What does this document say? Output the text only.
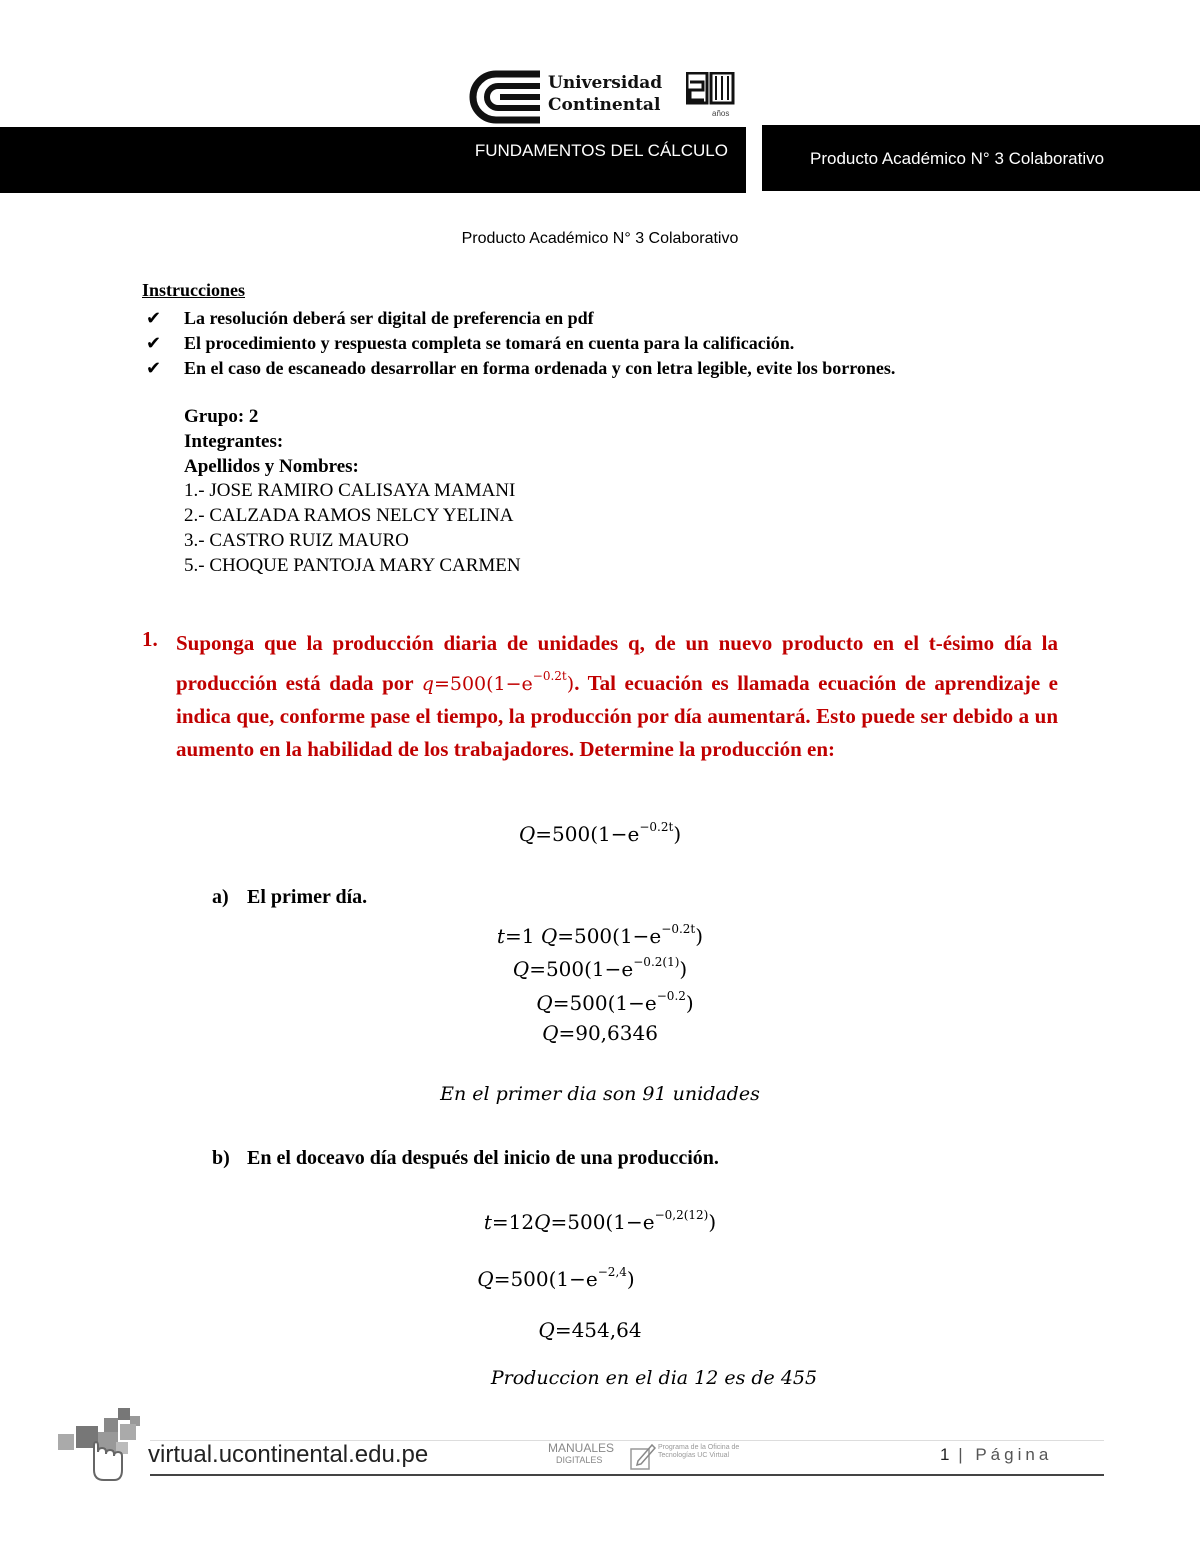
Universidad
Continental	años
FUNDAMENTOS DEL CÁLCULO	Producto Académico N° 3 Colaborativo
Producto Académico N° 3 Colaborativo
Instrucciones
✔ La resolución deberá ser digital de preferencia en pdf
✔ El procedimiento y respuesta completa se tomará en cuenta para la calificación.
✔ En el caso de escaneado desarrollar en forma ordenada y con letra legible, evite los borrones.
Grupo: 2
Integrantes:
Apellidos y Nombres:
1.- JOSE RAMIRO CALISAYA MAMANI
2.- CALZADA RAMOS NELCY YELINA
3.- CASTRO RUIZ MAURO
5.- CHOQUE PANTOJA MARY CARMEN
1. Suponga que la producción diaria de unidades q, de un nuevo producto en el t-ésimo día la producción está dada por $q=500(1-e^{-0.2t})$. Tal ecuación es llamada ecuación de aprendizaje e indica que, conforme pase el tiempo, la producción por día aumentará. Esto puede ser debido a un aumento en la habilidad de los trabajadores. Determine la producción en:
$Q=500(1-e^{-0.2t})$
a) El primer día.
t=1 $Q=500(1-e^{-0.2t})$
$Q=500(1-e^{-0.2(1)})$
$Q=500(1-e^{-0.2})$
Q=90,6346
En el primer dia son 91 unidades
b) En el doceavo día después del inicio de una producción.
$t=12Q=500(1-e^{-0,2(12)})$
$Q=500(1-e^{-2,4})$
Q=454,64
Produccion en el dia 12 es de 455
virtual.ucontinental.edu.pe	MANUALES
DIGITALES
Programa de la Oficina de Tecnologías UC Virtual	1 | Página
